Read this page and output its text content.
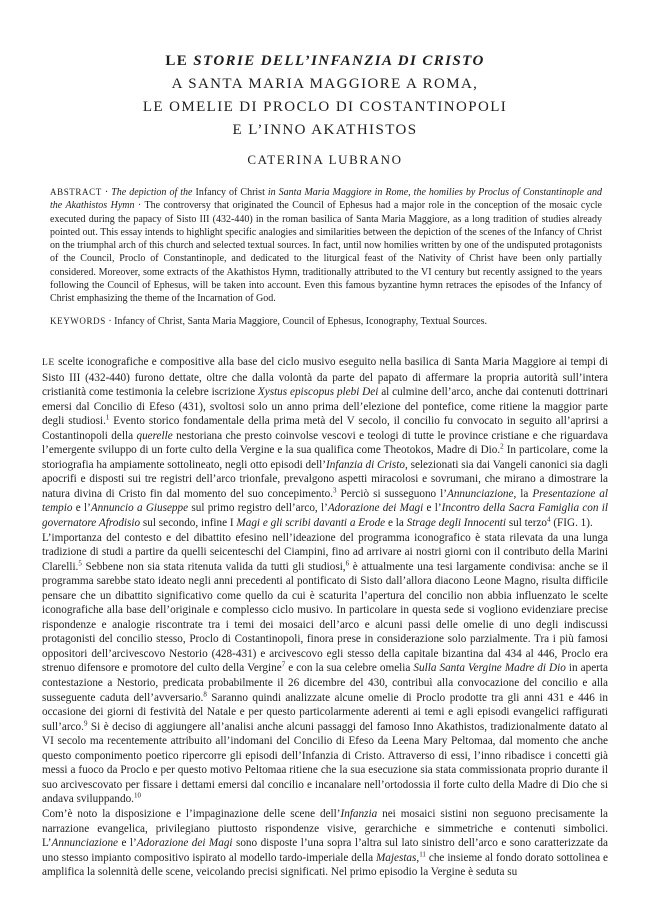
LE STORIE DELL’INFANZIA DI CRISTO
A SANTA MARIA MAGGIORE A ROMA,
LE OMELIE DI PROCLO DI COSTANTINOPOLI
E L’INNO AKATHISTOS
CATERINA LUBRANO
ABSTRACT · The depiction of the Infancy of Christ in Santa Maria Maggiore in Rome, the homilies by Proclus of Constantinople and the Akathistos Hymn · The controversy that originated the Council of Ephesus had a major role in the conception of the mosaic cycle executed during the papacy of Sisto III (432-440) in the roman basilica of Santa Maria Maggiore, as a long tradition of studies already pointed out. This essay intends to highlight specific analogies and similarities between the depiction of the scenes of the Infancy of Christ on the triumphal arch of this church and selected textual sources. In fact, until now homilies written by one of the undisputed protagonists of the Council, Proclo of Constantinople, and dedicated to the liturgical feast of the Nativity of Christ have been only partially considered. Moreover, some extracts of the Akathistos Hymn, traditionally attributed to the VI century but recently assigned to the years following the Council of Ephesus, will be taken into account. Even this famous byzantine hymn retraces the episodes of the Infancy of Christ emphasizing the theme of the Incarnation of God.
KEYWORDS · Infancy of Christ, Santa Maria Maggiore, Council of Ephesus, Iconography, Textual Sources.

LE scelte iconografiche e compositive alla base del ciclo musivo eseguito nella basilica di Santa Maria Maggiore ai tempi di Sisto III (432-440) furono dettate, oltre che dalla volontà da parte del papato di affermare la propria autorità sull’intera cristianità come testimonia la celebre iscrizione Xystus episcopus plebi Dei al culmine dell’arco, anche dai contenuti dottrinari emersi dal Concilio di Efeso (431), svoltosi solo un anno prima dell’elezione del pontefice, come ritiene la maggior parte degli studiosi.$^1$ Evento storico fondamentale della prima metà del V secolo, il concilio fu convocato in seguito all’aprirsi a Costantinopoli della querelle nestoriana che presto coinvolse vescovi e teologi di tutte le province cristiane e che riguardava l’emergente sviluppo di un forte culto della Vergine e la sua qualifica come Theotokos, Madre di Dio.$^2$ In particolare, come la storiografia ha ampiamente sottolineato, negli otto episodi dell’Infanzia di Cristo, selezionati sia dai Vangeli canonici sia dagli apocrifi e disposti sui tre registri dell’arco trionfale, prevalgono aspetti miracolosi e sovrumani, che mirano a dimostrare la natura divina di Cristo fin dal momento del suo concepimento.$^3$ Perciò si susseguono l’Annunciazione, la Presentazione al tempio e l’Annuncio a Giuseppe sul primo registro dell’arco, l’Adorazione dei Magi e l’Incontro della Sacra Famiglia con il governatore Afrodisio sul secondo, infine I Magi e gli scribi davanti a Erode e la Strage degli Innocenti sul terzo$^4$ (FIG. 1).

L’importanza del contesto e del dibattito efesino nell’ideazione del programma iconografico è stata rilevata da una lunga tradizione di studi a partire da quelli seicenteschi del Ciampini, fino ad arrivare ai nostri giorni con il contributo della Marini Clarelli.$^5$ Sebbene non sia stata ritenuta valida da tutti gli studiosi,$^6$ è attualmente una tesi largamente condivisa: anche se il programma sarebbe stato ideato negli anni precedenti al pontificato di Sisto dall’allora diacono Leone Magno, risulta difficile pensare che un dibattito significativo come quello da cui è scaturita l’apertura del concilio non abbia influenzato le scelte iconografiche alla base dell’originale e complesso ciclo musivo. In particolare in questa sede si vogliono evidenziare precise rispondenze e analogie riscontrate tra i temi dei mosaici dell’arco e alcuni passi delle omelie di uno degli indiscussi protagonisti del concilio stesso, Proclo di Costantinopoli, finora prese in considerazione solo parzialmente. Tra i più famosi oppositori dell’arcivescovo Nestorio (428-431) e arcivescovo egli stesso della capitale bizantina dal 434 al 446, Proclo era strenuo difensore e promotore del culto della Vergine$^7$ e con la sua celebre omelia Sulla Santa Vergine Madre di Dio in aperta contestazione a Nestorio, predicata probabilmente il 26 dicembre del 430, contribuì alla convocazione del concilio e alla susseguente caduta dell’avversario.$^8$ Saranno quindi analizzate alcune omelie di Proclo prodotte tra gli anni 431 e 446 in occasione dei giorni di festività del Natale e per questo particolarmente aderenti ai temi e agli episodi evangelici raffigurati sull’arco.$^9$ Si è deciso di aggiungere all’analisi anche alcuni passaggi del famoso Inno Akathistos, tradizionalmente datato al VI secolo ma recentemente attribuito all’indomani del Concilio di Efeso da Leena Mary Peltomaa, dal momento che anche questo componimento poetico ripercorre gli episodi dell’Infanzia di Cristo. Attraverso di essi, l’inno ribadisce i concetti già messi a fuoco da Proclo e per questo motivo Peltomaa ritiene che la sua esecuzione sia stata commissionata proprio durante il suo arcivescovato per fissare i dettami emersi dal concilio e incanalare nell’ortodossia il forte culto della Madre di Dio che si andava sviluppando.$^{10}$

Com’è noto la disposizione e l’impaginazione delle scene dell’Infanzia nei mosaici sistini non seguono precisamente la narrazione evangelica, privilegiano piuttosto rispondenze visive, gerarchiche e simmetriche e contenuti simbolici. L’Annunciazione e l’Adorazione dei Magi sono disposte l’una sopra l’altra sul lato sinistro dell’arco e sono caratterizzate da uno stesso impianto compositivo ispirato al modello tardo-imperiale della Majestas,$^{11}$ che insieme al fondo dorato sottolinea e amplifica la solennità delle scene, veicolando precisi significati. Nel primo episodio la Vergine è seduta su
